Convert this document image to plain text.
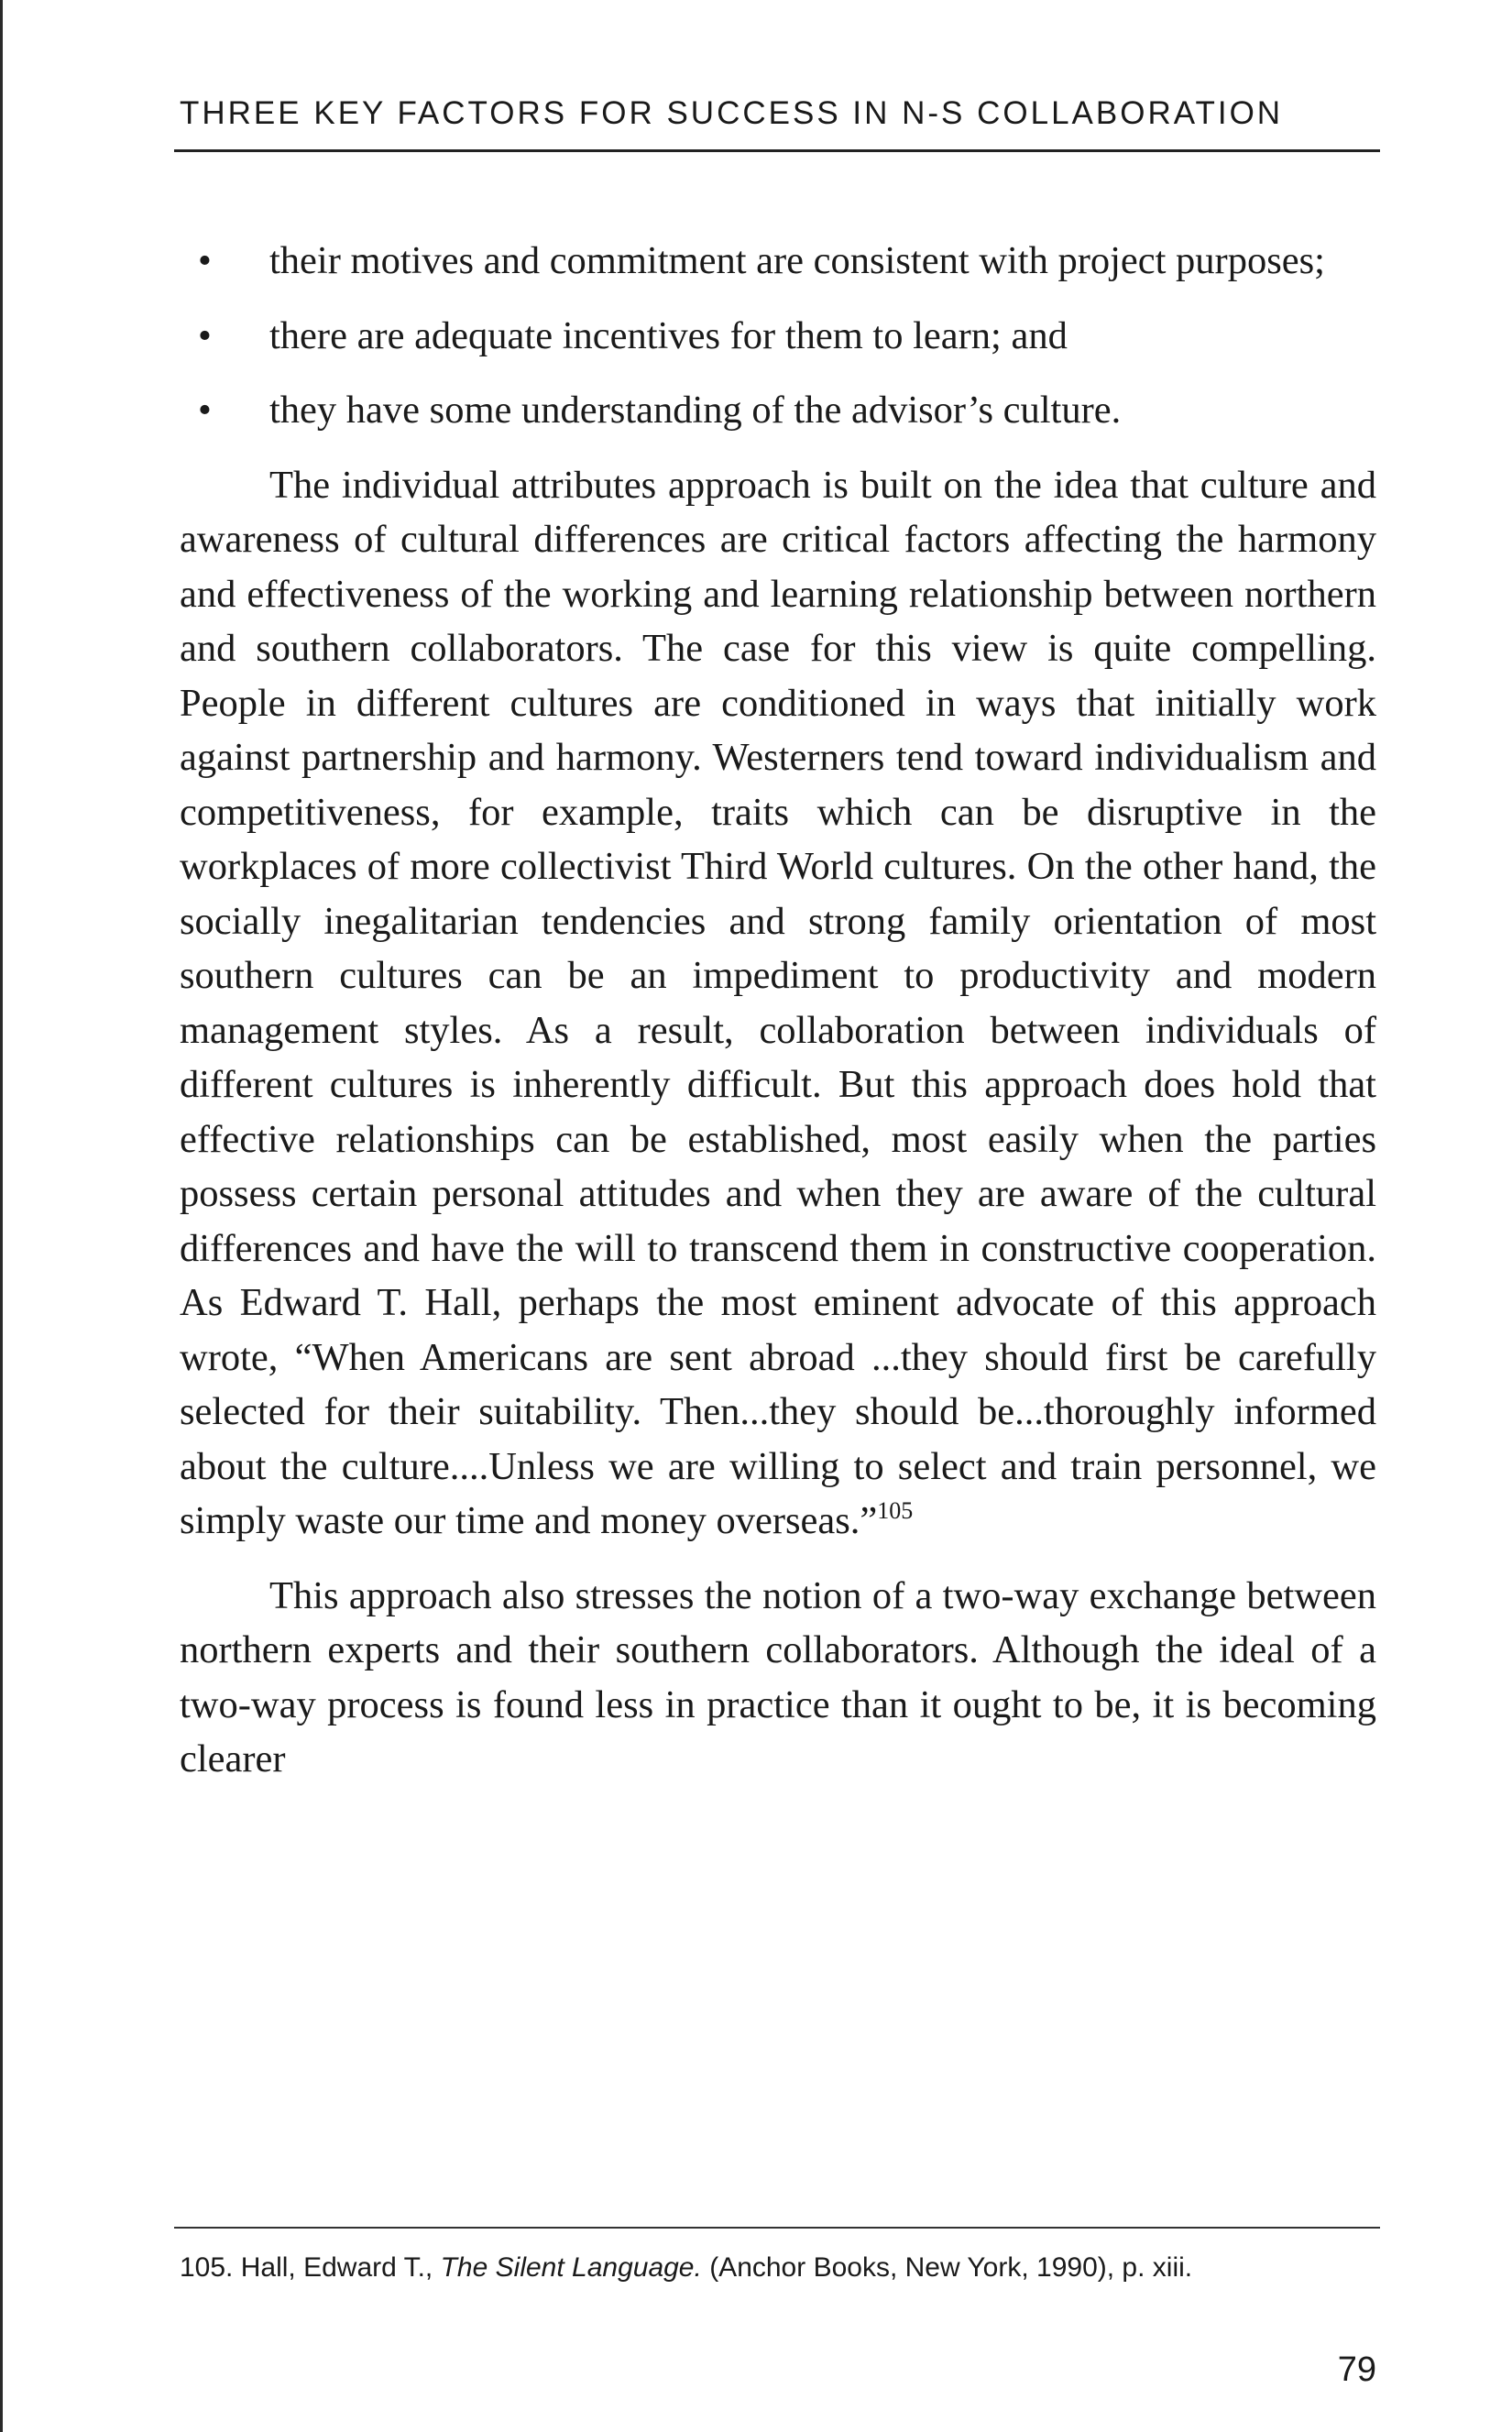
THREE KEY FACTORS FOR SUCCESS IN N-S COLLABORATION
• their motives and commitment are consistent with project purposes;
• there are adequate incentives for them to learn; and
• they have some understanding of the advisor’s culture.

The individual attributes approach is built on the idea that culture and awareness of cultural differences are critical factors affecting the harmony and effectiveness of the working and learning relationship between northern and southern collaborators. The case for this view is quite compelling. People in different cultures are conditioned in ways that initially work against partnership and harmony. Westerners tend toward individualism and competitiveness, for example, traits which can be disruptive in the workplaces of more collectivist Third World cultures. On the other hand, the socially inegalitarian tendencies and strong family orientation of most southern cultures can be an impediment to productivity and modern management styles. As a result, collaboration between individuals of different cultures is inherently difficult. But this approach does hold that effective relationships can be established, most easily when the parties possess certain personal attitudes and when they are aware of the cultural differences and have the will to transcend them in constructive cooperation. As Edward T. Hall, perhaps the most eminent advocate of this approach wrote, “When Americans are sent abroad ...they should first be carefully selected for their suitability. Then...they should be...thoroughly informed about the culture....Unless we are willing to select and train personnel, we simply waste our time and money overseas.”$^{105}$

This approach also stresses the notion of a two-way exchange between northern experts and their southern collaborators. Although the ideal of a two-way process is found less in practice than it ought to be, it is becoming clearer

105. Hall, Edward T., The Silent Language. (Anchor Books, New York, 1990), p. xiii.
79
